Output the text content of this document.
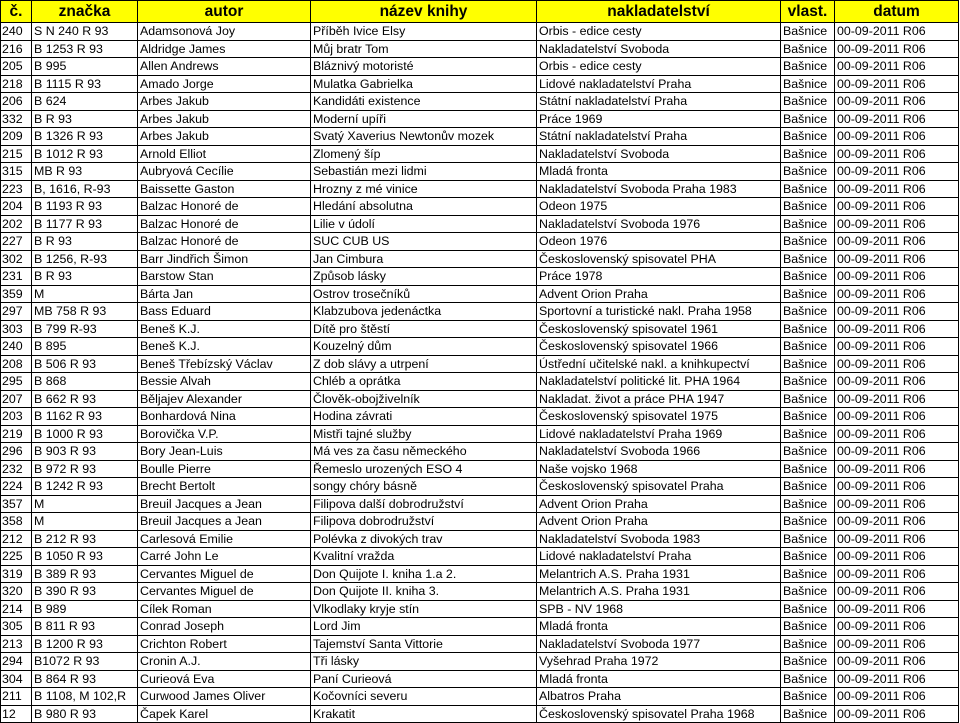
č.	značka	autor	název knihy	nakladatelství	vlast.	datum
240	S N 240 R 93	Adamsonová Joy	Příběh Ivice Elsy	Orbis - edice cesty	Bašnice	00-09-2011 R06
216	B 1253 R 93	Aldridge James	Můj bratr Tom	Nakladatelství Svoboda	Bašnice	00-09-2011 R06
205	B 995	Allen Andrews	Bláznivý motoristé	Orbis - edice cesty	Bašnice	00-09-2011 R06
218	B 1115 R 93	Amado Jorge	Mulatka Gabrielka	Lidové nakladatelství Praha	Bašnice	00-09-2011 R06
206	B 624	Arbes Jakub	Kandidáti existence	Státní nakladatelství Praha	Bašnice	00-09-2011 R06
332	B R 93	Arbes Jakub	Moderní upíři	Práce 1969	Bašnice	00-09-2011 R06
209	B 1326 R 93	Arbes Jakub	Svatý Xaverius Newtonův mozek	Státní nakladatelství Praha	Bašnice	00-09-2011 R06
215	B 1012 R 93	Arnold Elliot	Zlomený šíp	Nakladatelství Svoboda	Bašnice	00-09-2011 R06
315	MB R 93	Aubryová Cecílie	Sebastián mezi lidmi	Mladá fronta	Bašnice	00-09-2011 R06
223	B, 1616, R-93	Baissette Gaston	Hrozny z mé vinice	Nakladatelství Svoboda Praha 1983	Bašnice	00-09-2011 R06
204	B 1193 R 93	Balzac Honoré de	Hledání absolutna	Odeon 1975	Bašnice	00-09-2011 R06
202	B 1177 R 93	Balzac Honoré de	Lilie v údolí	Nakladatelství Svoboda 1976	Bašnice	00-09-2011 R06
227	B R 93	Balzac Honoré de	SUC CUB US	Odeon 1976	Bašnice	00-09-2011 R06
302	B 1256, R-93	Barr Jindřich Šimon	Jan Cimbura	Československý spisovatel PHA	Bašnice	00-09-2011 R06
231	B R 93	Barstow Stan	Způsob lásky	Práce 1978	Bašnice	00-09-2011 R06
359	M	Bárta Jan	Ostrov trosečníků	Advent Orion Praha	Bašnice	00-09-2011 R06
297	MB 758 R 93	Bass Eduard	Klabzubova jedenáctka	Sportovní a turistické nakl. Praha 1958	Bašnice	00-09-2011 R06
303	B 799 R-93	Beneš K.J.	Dítě pro štěstí	Československý spisovatel 1961	Bašnice	00-09-2011 R06
240	B 895	Beneš K.J.	Kouzelný dům	Československý spisovatel 1966	Bašnice	00-09-2011 R06
208	B 506 R 93	Beneš Třebízský Václav	Z dob slávy a utrpení	Ústřední učitelské nakl. a knihkupectví	Bašnice	00-09-2011 R06
295	B 868	Bessie Alvah	Chléb a oprátka	Nakladatelství politické lit. PHA 1964	Bašnice	00-09-2011 R06
207	B 662 R 93	Běljajev Alexander	Člověk-obojživelník	Nakladat. život a práce PHA 1947	Bašnice	00-09-2011 R06
203	B 1162 R 93	Bonhardová Nina	Hodina závrati	Československý spisovatel 1975	Bašnice	00-09-2011 R06
219	B 1000 R 93	Borovička V.P.	Mistři tajné služby	Lidové nakladatelství Praha 1969	Bašnice	00-09-2011 R06
296	B 903 R 93	Bory Jean-Luis	Má ves za času německého	Nakladatelství Svoboda 1966	Bašnice	00-09-2011 R06
232	B 972 R 93	Boulle Pierre	Řemeslo urozených ESO 4	Naše vojsko 1968	Bašnice	00-09-2011 R06
224	B 1242 R 93	Brecht Bertolt	songy chóry básně	Československý spisovatel Praha	Bašnice	00-09-2011 R06
357	M	Breuil Jacques a Jean	Filipova další dobrodružství	Advent Orion Praha	Bašnice	00-09-2011 R06
358	M	Breuil Jacques a Jean	Filipova dobrodružství	Advent Orion Praha	Bašnice	00-09-2011 R06
212	B 212 R 93	Carlesová Emilie	Polévka z divokých trav	Nakladatelství Svoboda 1983	Bašnice	00-09-2011 R06
225	B 1050 R 93	Carré John Le	Kvalitní vražda	Lidové nakladatelství Praha	Bašnice	00-09-2011 R06
319	B 389 R 93	Cervantes Miguel de	Don Quijote I. kniha 1.a 2.	Melantrich A.S. Praha 1931	Bašnice	00-09-2011 R06
320	B 390 R 93	Cervantes Miguel de	Don Quijote II. kniha 3.	Melantrich A.S. Praha 1931	Bašnice	00-09-2011 R06
214	B 989	Cílek Roman	Vlkodlaky kryje stín	SPB - NV 1968	Bašnice	00-09-2011 R06
305	B 811 R 93	Conrad Joseph	Lord Jim	Mladá fronta	Bašnice	00-09-2011 R06
213	B 1200 R 93	Crichton Robert	Tajemství Santa Vittorie	Nakladatelství Svoboda 1977	Bašnice	00-09-2011 R06
294	B1072 R 93	Cronin A.J.	Tři lásky	Vyšehrad Praha 1972	Bašnice	00-09-2011 R06
304	B 864 R 93	Curieová Eva	Paní Curieová	Mladá fronta	Bašnice	00-09-2011 R06
211	B 1108, M 102,R	Curwood James Oliver	Kočovníci severu	Albatros Praha	Bašnice	00-09-2011 R06
12	B 980 R 93	Čapek Karel	Krakatit	Československý spisovatel Praha 1968	Bašnice	00-09-2011 R06
